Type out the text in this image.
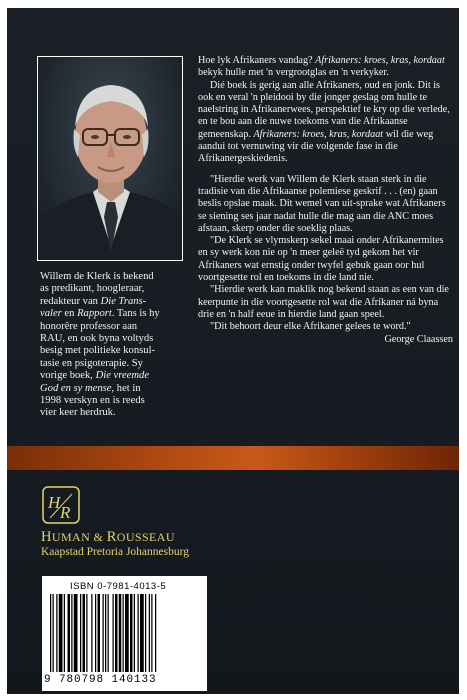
Willem de Klerk is bekend
as predikant, hoogleraar,
redakteur van Die Trans-
valer en Rapport. Tans is hy
honorêre professor aan
RAU, en ook byna voltyds
besig met politieke konsul-
tasie en psigoterapie. Sy
vorige boek, Die vreemde
God en sy mense, het in
1998 verskyn en is reeds
vier keer herdruk.

Hoe lyk Afrikaners vandag? Afrikaners: kroes, kras, kordaat bekyk hulle met 'n vergrootglas en 'n verkyker.

Dié boek is gerig aan alle Afrikaners, oud en jonk. Dit is ook en veral 'n pleidooi by die jonger geslag om hulle te naelstring in Afrikanerwees, perspektief te kry op die verlede, en te bou aan die nuwe toekoms van die Afrikaanse gemeenskap. Afrikaners: kroes, kras, kordaat wil die weg aandui tot vernuwing vir die volgende fase in die Afrikanergeskiedenis.

"Hierdie werk van Willem de Klerk staan sterk in die tradisie van die Afrikaanse polemiese geskrif . . . (en) gaan beslis opslae maak. Dit wemel van uit-sprake wat Afrikaners se siening ses jaar nadat hulle die mag aan die ANC moes afstaan, skerp onder die soeklig plaas.

"De Klerk se vlymskerp sekel maai onder Afrikanermites en sy werk kon nie op 'n meer geleë tyd gekom het vir Afrikaners wat ernstig onder twyfel gebuk gaan oor hul voortgesette rol en toekoms in die land nie.

"Hierdie werk kan maklik nog bekend staan as een van die keerpunte in die voortgesette rol wat die Afrikaner ná byna drie en 'n half eeue in hierdie land gaan speel.

"Dit behoort deur elke Afrikaner gelees te word."

George Claassen

H
R
HUMAN & ROUSSEAU
Kaapstad Pretoria Johannesburg
ISBN 0-7981-4013-5
9 780798 140133
